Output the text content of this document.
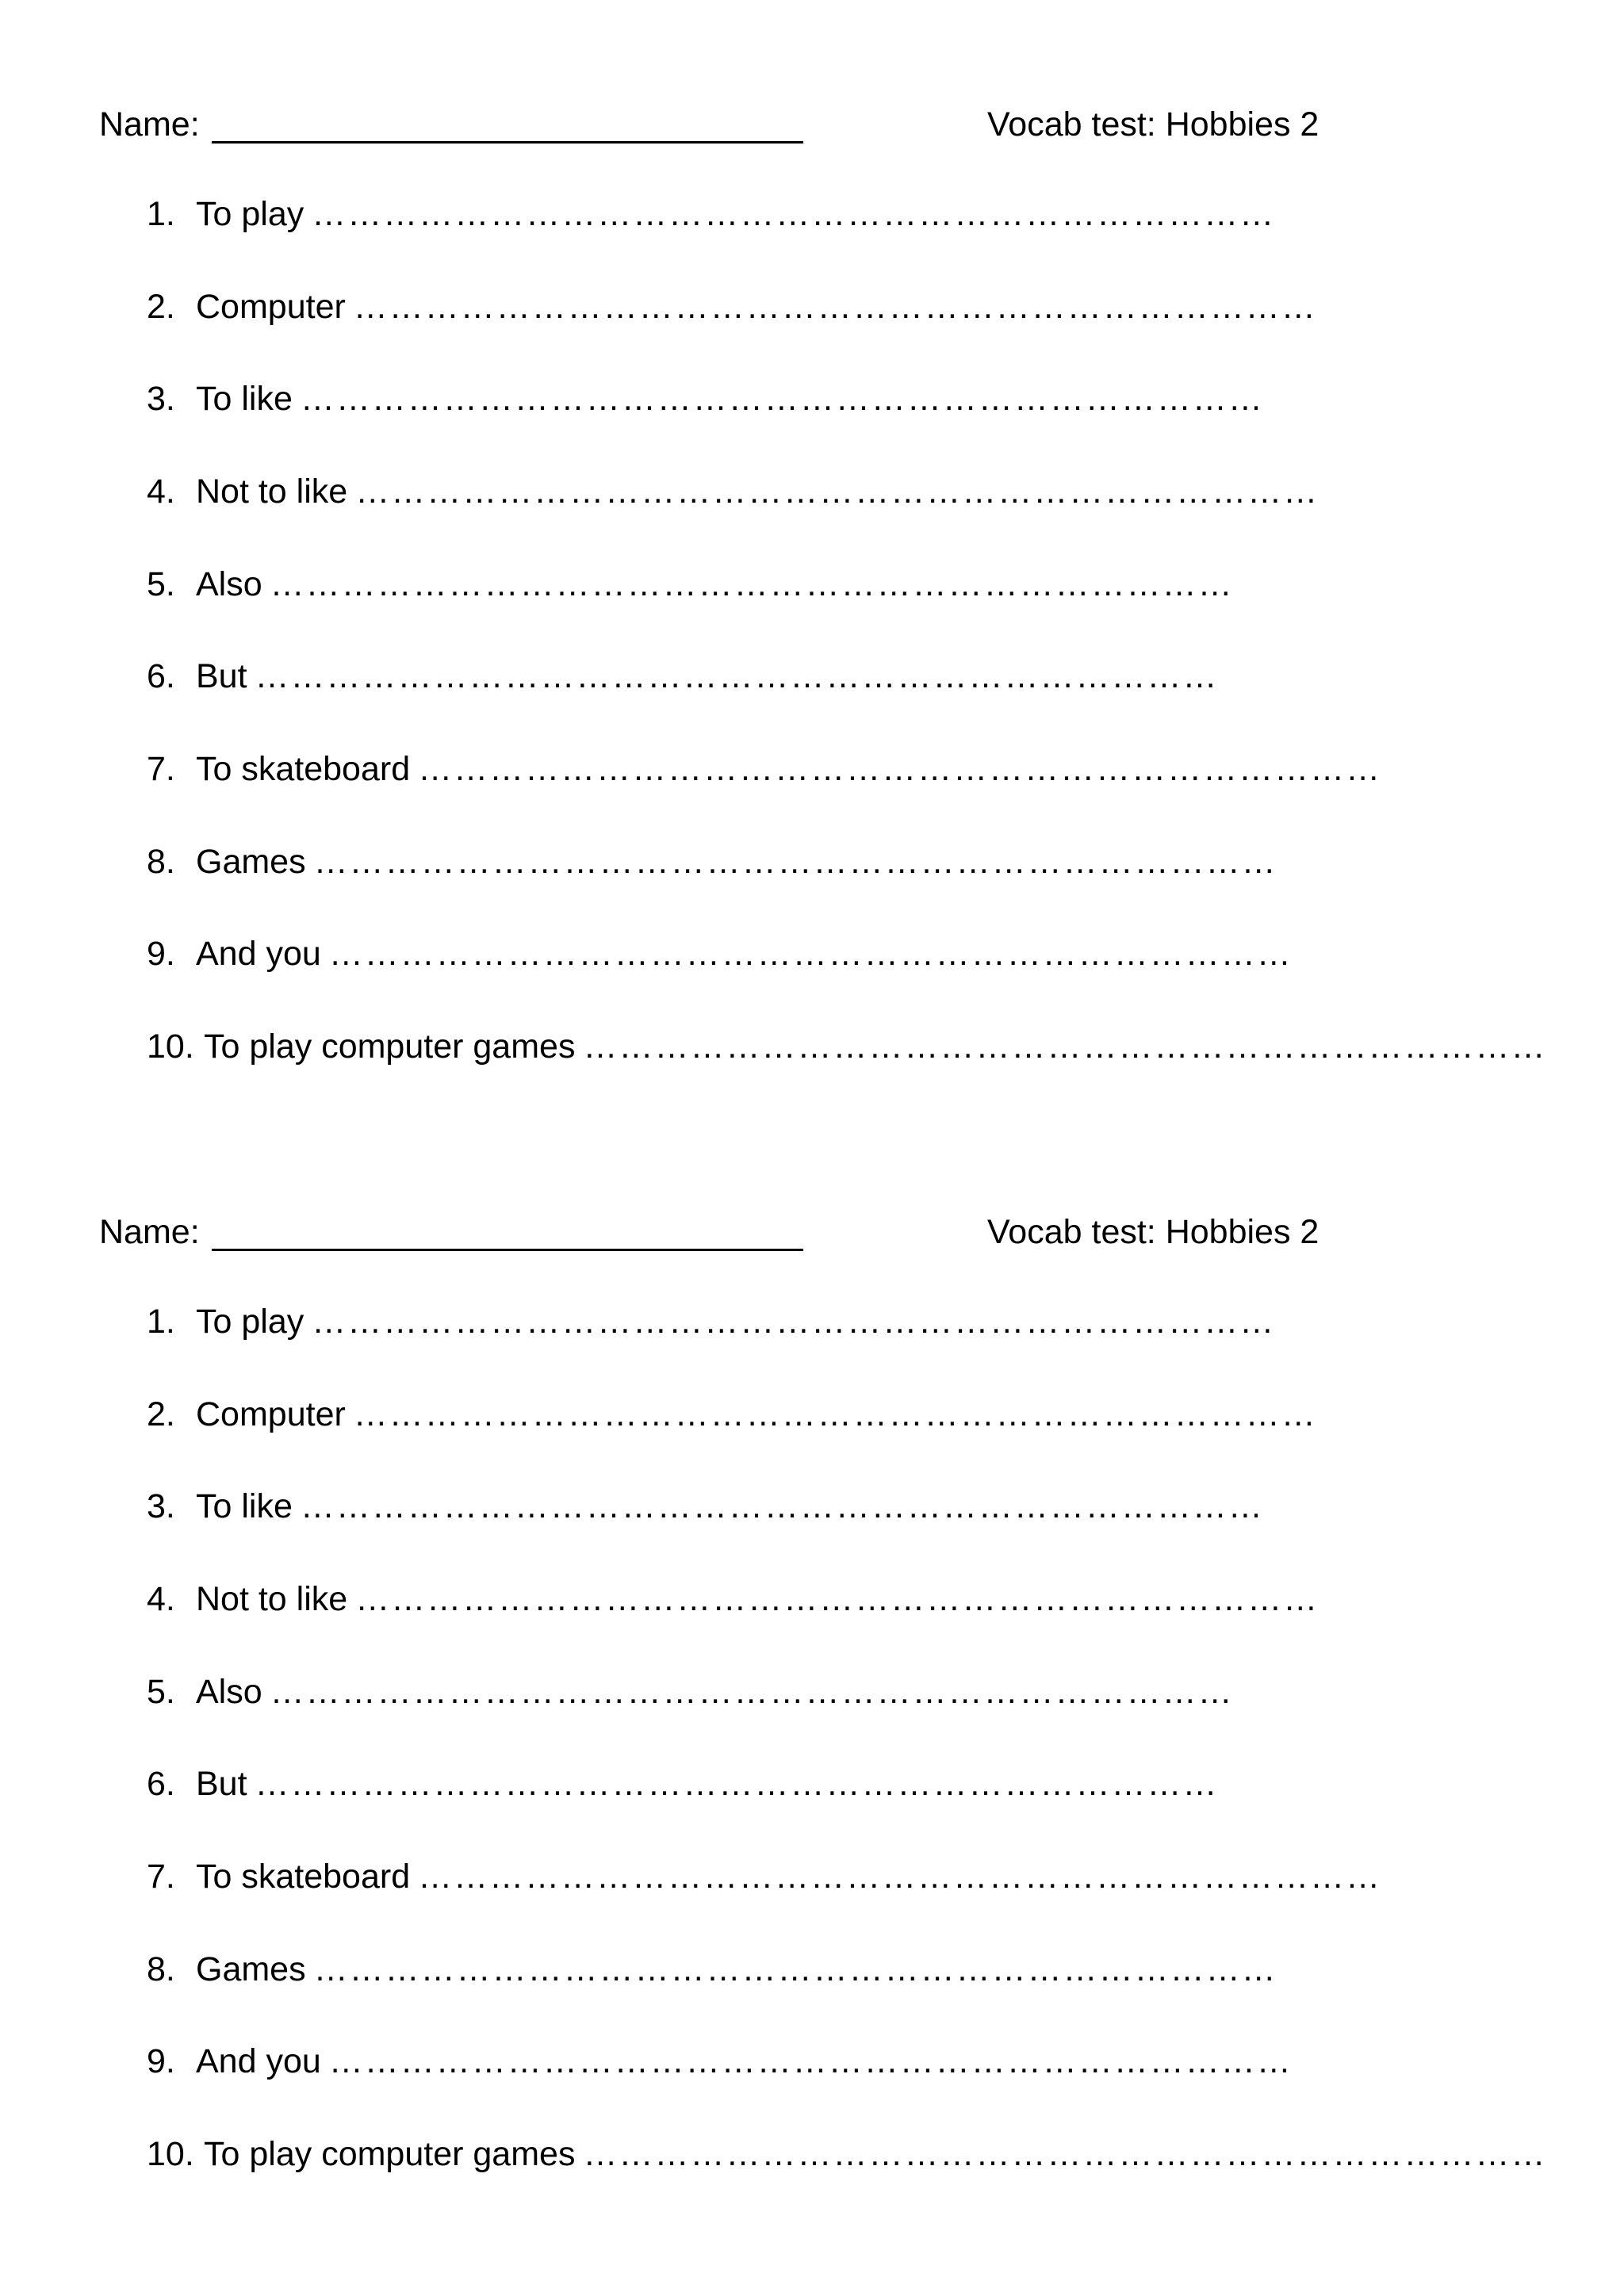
Name:	Vocab test: Hobbies 2
1. To play ………………………………………………………………………
2. Computer ………………………………………………………………………
3. To like ………………………………………………………………………
4. Not to like ………………………………………………………………………
5. Also ………………………………………………………………………
6. But ………………………………………………………………………
7. To skateboard ………………………………………………………………………
8. Games ………………………………………………………………………
9. And you ………………………………………………………………………
10. To play computer games ………………………………………………………………………
Name:	Vocab test: Hobbies 2
1. To play ………………………………………………………………………
2. Computer ………………………………………………………………………
3. To like ………………………………………………………………………
4. Not to like ………………………………………………………………………
5. Also ………………………………………………………………………
6. But ………………………………………………………………………
7. To skateboard ………………………………………………………………………
8. Games ………………………………………………………………………
9. And you ………………………………………………………………………
10. To play computer games ………………………………………………………………………
